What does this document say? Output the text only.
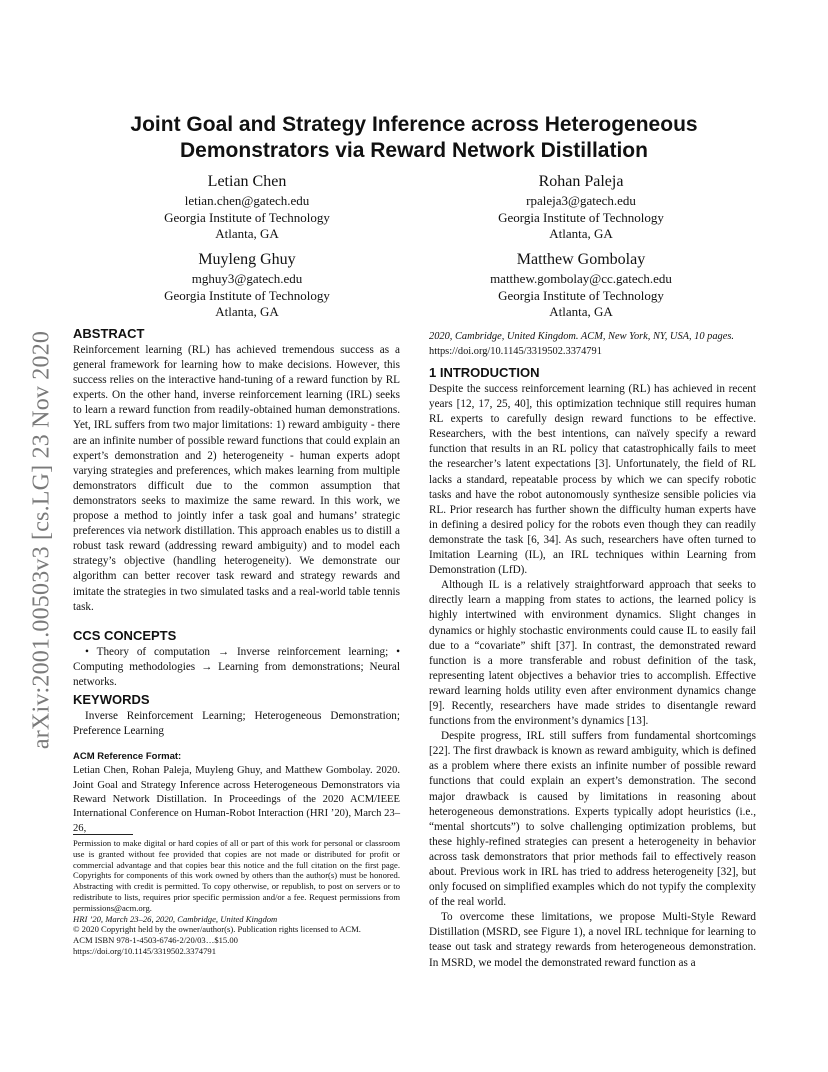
arXiv:2001.00503v3 [cs.LG] 23 Nov 2020
Joint Goal and Strategy Inference across Heterogeneous
Demonstrators via Reward Network Distillation
Letian Chen
letian.chen@gatech.edu
Georgia Institute of Technology
Atlanta, GA
Rohan Paleja
rpaleja3@gatech.edu
Georgia Institute of Technology
Atlanta, GA
Muyleng Ghuy
mghuy3@gatech.edu
Georgia Institute of Technology
Atlanta, GA
Matthew Gombolay
matthew.gombolay@cc.gatech.edu
Georgia Institute of Technology
Atlanta, GA

ABSTRACT

Reinforcement learning (RL) has achieved tremendous success as a general framework for learning how to make decisions. However, this success relies on the interactive hand-tuning of a reward function by RL experts. On the other hand, inverse reinforcement learning (IRL) seeks to learn a reward function from readily-obtained human demonstrations. Yet, IRL suffers from two major limitations: 1) reward ambiguity - there are an infinite number of possible reward functions that could explain an expert’s demonstration and 2) heterogeneity - human experts adopt varying strategies and preferences, which makes learning from multiple demonstrators difficult due to the common assumption that demonstrators seeks to maximize the same reward. In this work, we propose a method to jointly infer a task goal and humans’ strategic preferences via network distillation. This approach enables us to distill a robust task reward (addressing reward ambiguity) and to model each strategy’s objective (handling heterogeneity). We demonstrate our algorithm can better recover task reward and strategy rewards and imitate the strategies in two simulated tasks and a real-world table tennis task.

CCS CONCEPTS

• Theory of computation → Inverse reinforcement learning; • Computing methodologies → Learning from demonstrations; Neural networks.

KEYWORDS

Inverse Reinforcement Learning; Heterogeneous Demonstration; Preference Learning

ACM Reference Format:

Letian Chen, Rohan Paleja, Muyleng Ghuy, and Matthew Gombolay. 2020. Joint Goal and Strategy Inference across Heterogeneous Demonstrators via Reward Network Distillation. In Proceedings of the 2020 ACM/IEEE International Conference on Human-Robot Interaction (HRI ’20), March 23–26,

Permission to make digital or hard copies of all or part of this work for personal or classroom use is granted without fee provided that copies are not made or distributed for profit or commercial advantage and that copies bear this notice and the full citation on the first page. Copyrights for components of this work owned by others than the author(s) must be honored. Abstracting with credit is permitted. To copy otherwise, or republish, to post on servers or to redistribute to lists, requires prior specific permission and/or a fee. Request permissions from permissions@acm.org.

HRI ’20, March 23–26, 2020, Cambridge, United Kingdom

© 2020 Copyright held by the owner/author(s). Publication rights licensed to ACM.

ACM ISBN 978-1-4503-6746-2/20/03…$15.00

https://doi.org/10.1145/3319502.3374791

2020, Cambridge, United Kingdom. ACM, New York, NY, USA, 10 pages.

https://doi.org/10.1145/3319502.3374791

1 INTRODUCTION

Despite the success reinforcement learning (RL) has achieved in recent years [12, 17, 25, 40], this optimization technique still requires human RL experts to carefully design reward functions to be effective. Researchers, with the best intentions, can naïvely specify a reward function that results in an RL policy that catastrophically fails to meet the researcher’s latent expectations [3]. Unfortunately, the field of RL lacks a standard, repeatable process by which we can specify robotic tasks and have the robot autonomously synthesize sensible policies via RL. Prior research has further shown the difficulty human experts have in defining a desired policy for the robots even though they can readily demonstrate the task [6, 34]. As such, researchers have often turned to Imitation Learning (IL), an IRL techniques within Learning from Demonstration (LfD).

Although IL is a relatively straightforward approach that seeks to directly learn a mapping from states to actions, the learned policy is highly intertwined with environment dynamics. Slight changes in dynamics or highly stochastic environments could cause IL to easily fail due to a “covariate” shift [37]. In contrast, the demonstrated reward function is a more transferable and robust definition of the task, representing latent objectives a behavior tries to accomplish. Effective reward learning holds utility even after environment dynamics change [9]. Recently, researchers have made strides to disentangle reward functions from the environment’s dynamics [13].

Despite progress, IRL still suffers from fundamental shortcomings [22]. The first drawback is known as reward ambiguity, which is defined as a problem where there exists an infinite number of possible reward functions that could explain an expert’s demonstration. The second major drawback is caused by limitations in reasoning about heterogeneous demonstrations. Experts typically adopt heuristics (i.e., “mental shortcuts”) to solve challenging optimization problems, but these highly-refined strategies can present a heterogeneity in behavior across task demonstrators that prior methods fail to effectively reason about. Previous work in IRL has tried to address heterogeneity [32], but only focused on simplified examples which do not typify the complexity of the real world.

To overcome these limitations, we propose Multi-Style Reward Distillation (MSRD, see Figure 1), a novel IRL technique for learning to tease out task and strategy rewards from heterogeneous demonstration. In MSRD, we model the demonstrated reward function as a
